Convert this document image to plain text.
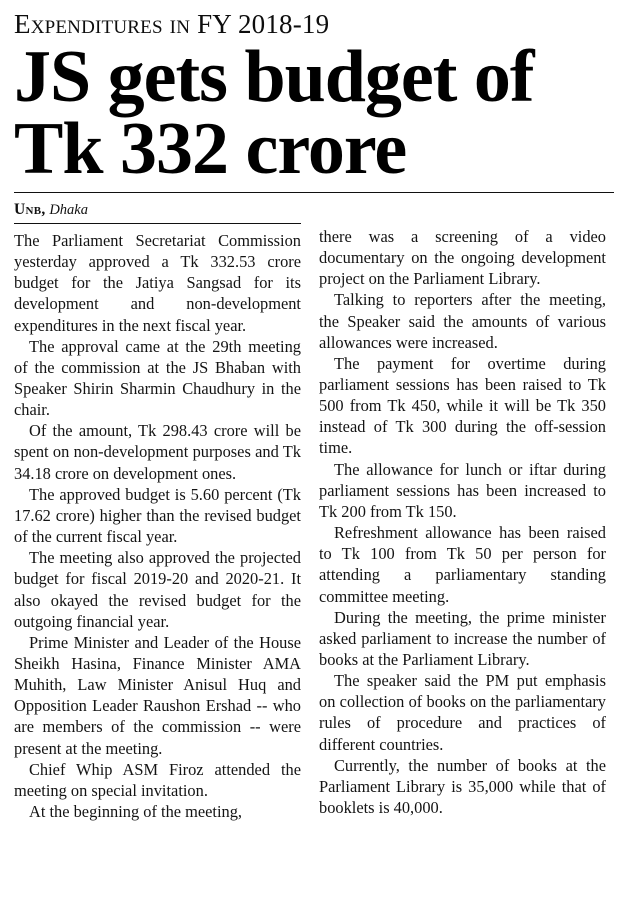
Expenditures in FY 2018-19
JS gets budget of
Tk 332 crore
Unb, Dhaka

The Parliament Secretariat Commission yesterday approved a Tk 332.53 crore budget for the Jatiya Sangsad for its development and non-development expenditures in the next fiscal year.

The approval came at the 29th meeting of the commission at the JS Bhaban with Speaker Shirin Sharmin Chaudhury in the chair.

Of the amount, Tk 298.43 crore will be spent on non-development purposes and Tk 34.18 crore on development ones.

The approved budget is 5.60 percent (Tk 17.62 crore) higher than the revised budget of the current fiscal year.

The meeting also approved the projected budget for fiscal 2019-20 and 2020-21. It also okayed the revised budget for the outgoing financial year.

Prime Minister and Leader of the House Sheikh Hasina, Finance Minister AMA Muhith, Law Minister Anisul Huq and Opposition Leader Raushon Ershad -- who are members of the commission -- were present at the meeting.

Chief Whip ASM Firoz attended the meeting on special invitation.

At the beginning of the meeting,

there was a screening of a video documentary on the ongoing development project on the Parliament Library.

Talking to reporters after the meeting, the Speaker said the amounts of various allowances were increased.

The payment for overtime during parliament sessions has been raised to Tk 500 from Tk 450, while it will be Tk 350 instead of Tk 300 during the off-session time.

The allowance for lunch or iftar during parliament sessions has been increased to Tk 200 from Tk 150.

Refreshment allowance has been raised to Tk 100 from Tk 50 per person for attending a parliamentary standing committee meeting.

During the meeting, the prime minister asked parliament to increase the number of books at the Parliament Library.

The speaker said the PM put emphasis on collection of books on the parliamentary rules of procedure and practices of different countries.

Currently, the number of books at the Parliament Library is 35,000 while that of booklets is 40,000.
